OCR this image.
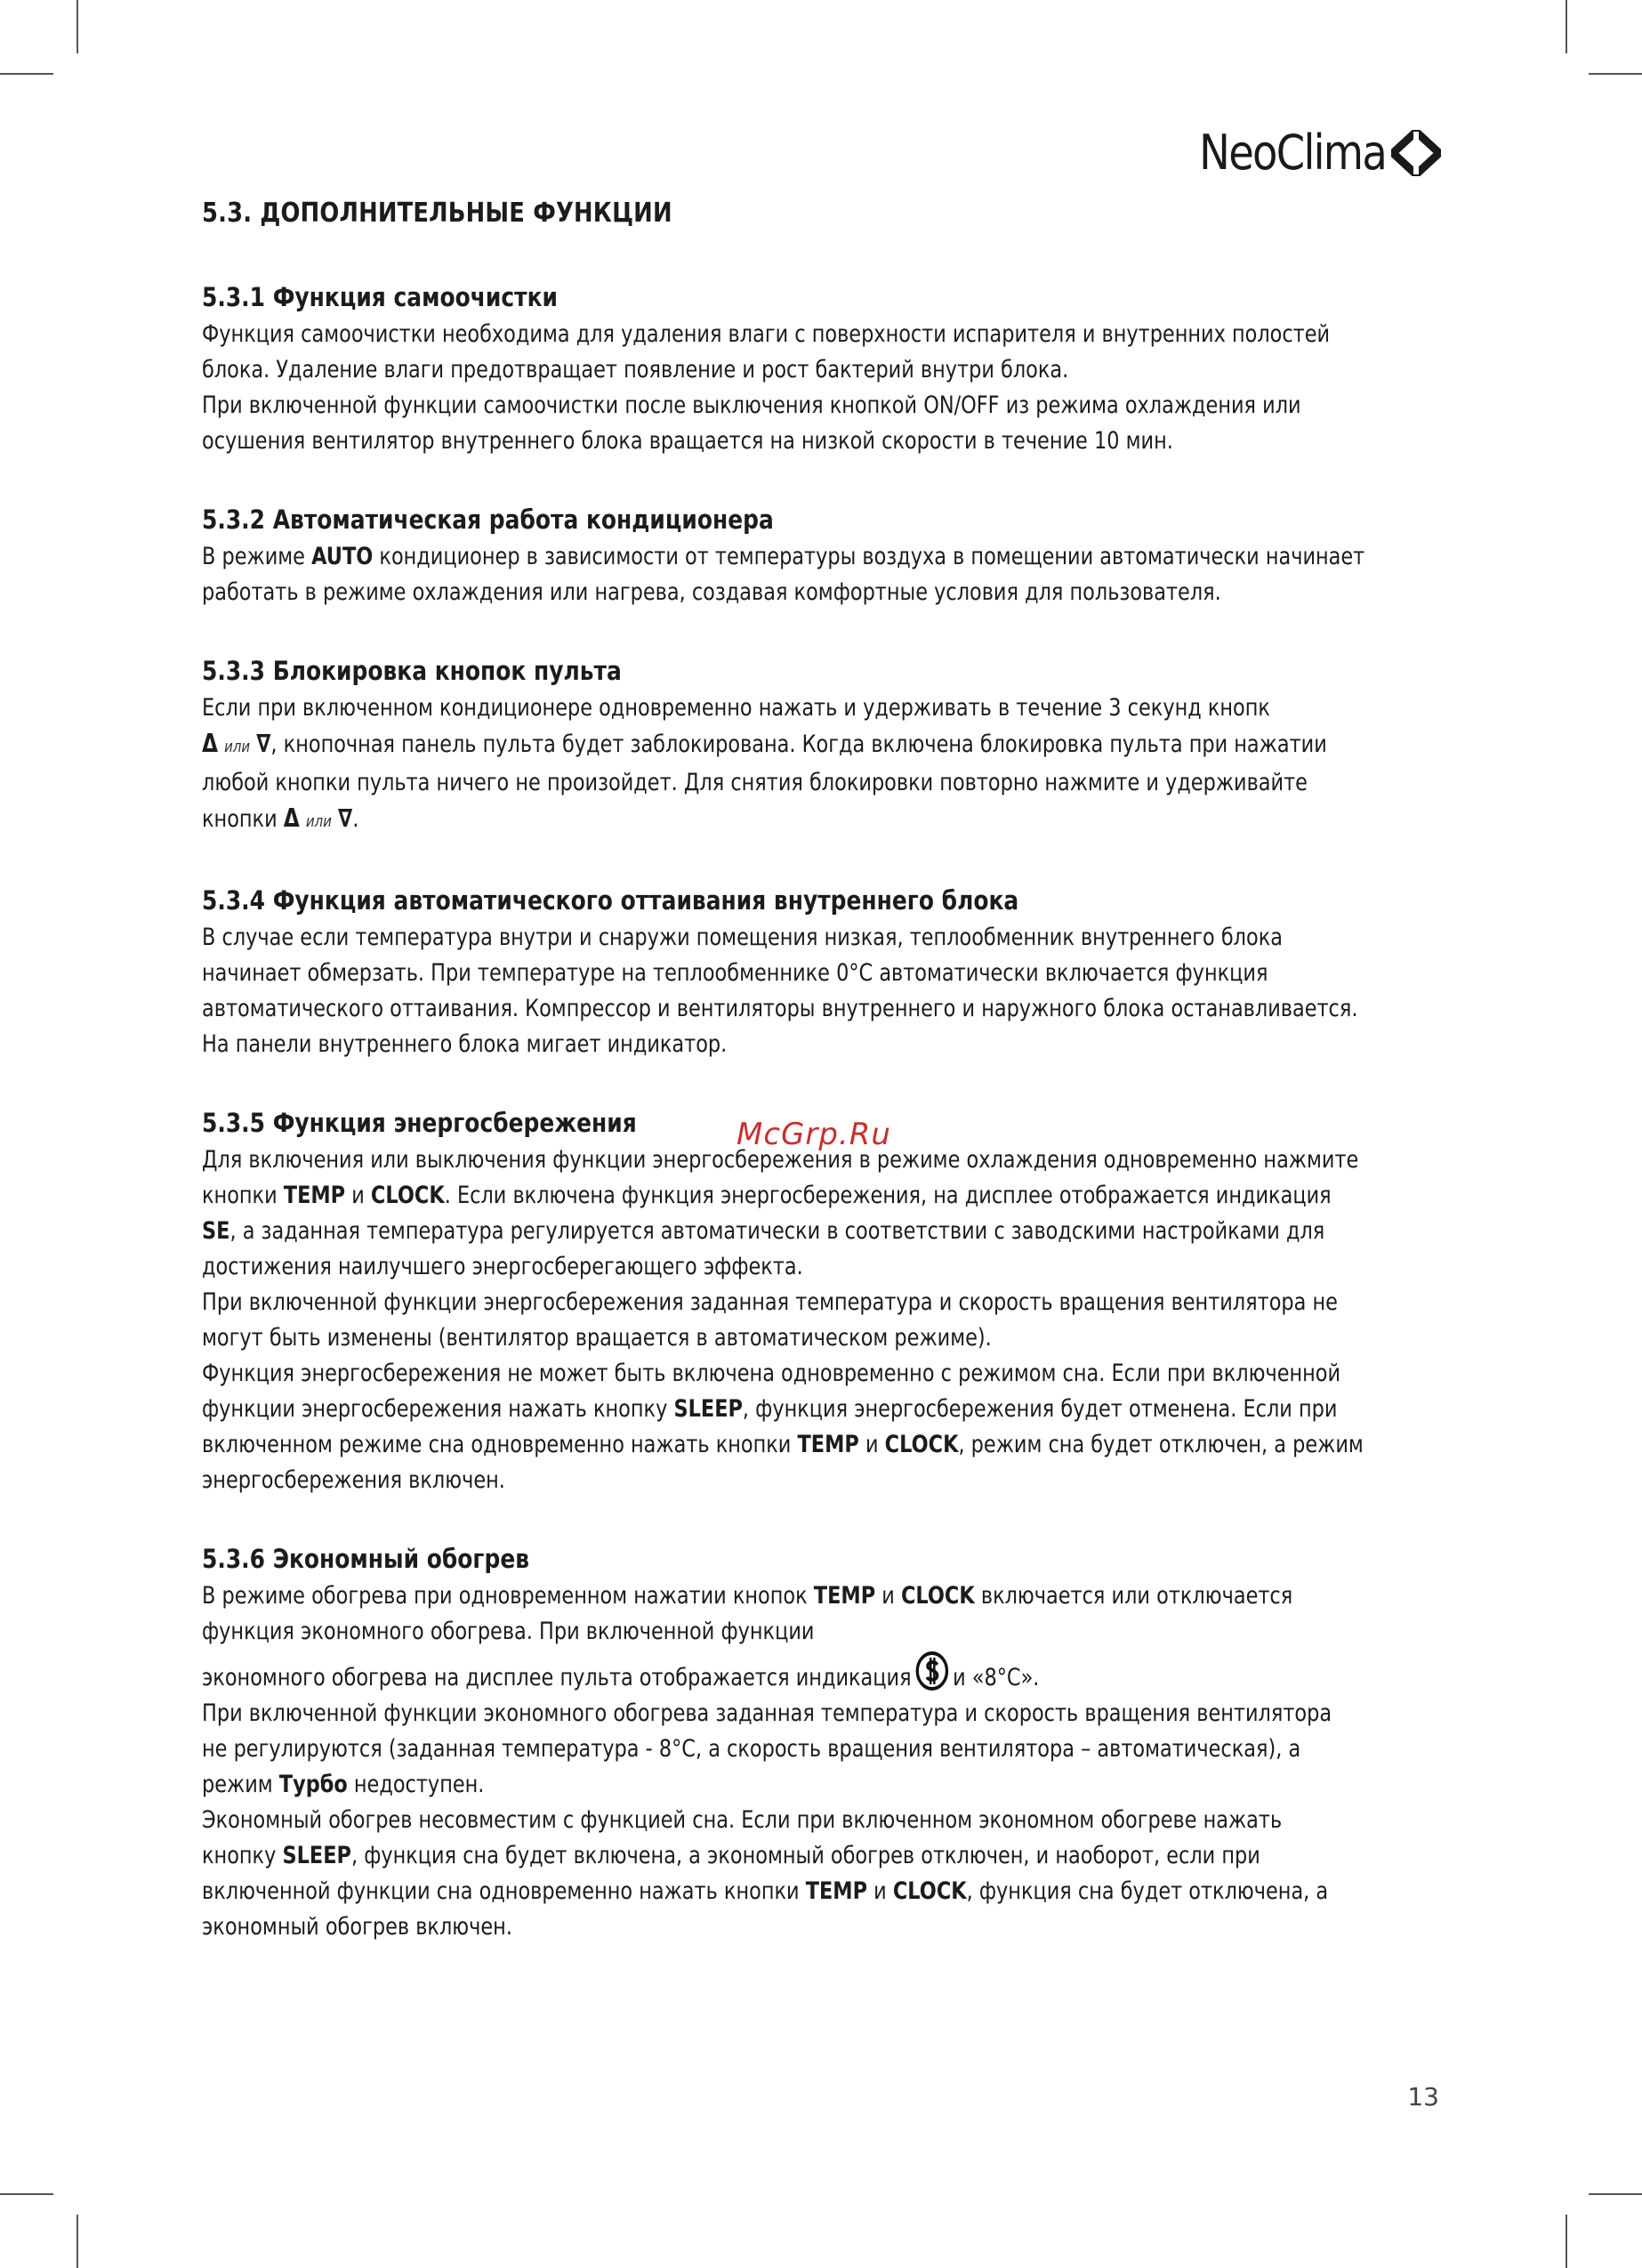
NeoClima
5.3. ДОПОЛНИТЕЛЬНЫЕ ФУНКЦИИ
5.3.1 Функция самоочистки

Функция самоочистки необходима для удаления влаги с поверхности испарителя и внутренних полостей

блока. Удаление влаги предотвращает появление и рост бактерий внутри блока.

При включенной функции самоочистки после выключения кнопкой ON/OFF из режима охлаждения или

осушения вентилятор внутреннего блока вращается на низкой скорости в течение 10 мин.

5.3.2 Автоматическая работа кондиционера

В режиме AUTO кондиционер в зависимости от температуры воздуха в помещении автоматически начинает

работать в режиме охлаждения или нагрева, создавая комфортные условия для пользователя.

5.3.3 Блокировка кнопок пульта

Если при включенном кондиционере одновременно нажать и удерживать в течение 3 секунд кнопк

Δ или ∇, кнопочная панель пульта будет заблокирована. Когда включена блокировка пульта при нажатии

любой кнопки пульта ничего не произойдет. Для снятия блокировки повторно нажмите и удерживайте

кнопки Δ или ∇.

5.3.4 Функция автоматического оттаивания внутреннего блока

В случае если температура внутри и снаружи помещения низкая, теплообменник внутреннего блока

начинает обмерзать. При температуре на теплообменнике 0°С автоматически включается функция

автоматического оттаивания. Компрессор и вентиляторы внутреннего и наружного блока останавливается.

На панели внутреннего блока мигает индикатор.

5.3.5 Функция энергосбережения

Для включения или выключения функции энергосбережения в режиме охлаждения одновременно нажмите

кнопки TEMP и CLOCK. Если включена функция энергосбережения, на дисплее отображается индикация

SE, а заданная температура регулируется автоматически в соответствии с заводскими настройками для

достижения наилучшего энергосберегающего эффекта.

При включенной функции энергосбережения заданная температура и скорость вращения вентилятора не

могут быть изменены (вентилятор вращается в автоматическом режиме).

Функция энергосбережения не может быть включена одновременно с режимом сна. Если при включенной

функции энергосбережения нажать кнопку SLEEP, функция энергосбережения будет отменена. Если при

включенном режиме сна одновременно нажать кнопки TEMP и CLOCK, режим сна будет отключен, а режим

энергосбережения включен.

5.3.6 Экономный обогрев

В режиме обогрева при одновременном нажатии кнопок TEMP и CLOCK включается или отключается

функция экономного обогрева. При включенной функции

экономного обогрева на дисплее пульта отображается индикация и «8°С».

При включенной функции экономного обогрева заданная температура и скорость вращения вентилятора

не регулируются (заданная температура - 8°С, а скорость вращения вентилятора – автоматическая), а

режим Турбо недоступен.

Экономный обогрев несовместим с функцией сна. Если при включенном экономном обогреве нажать

кнопку SLEEP, функция сна будет включена, а экономный обогрев отключен, и наоборот, если при

включенной функции сна одновременно нажать кнопки TEMP и CLOCK, функция сна будет отключена, а

экономный обогрев включен.

McGrp.Ru
13
